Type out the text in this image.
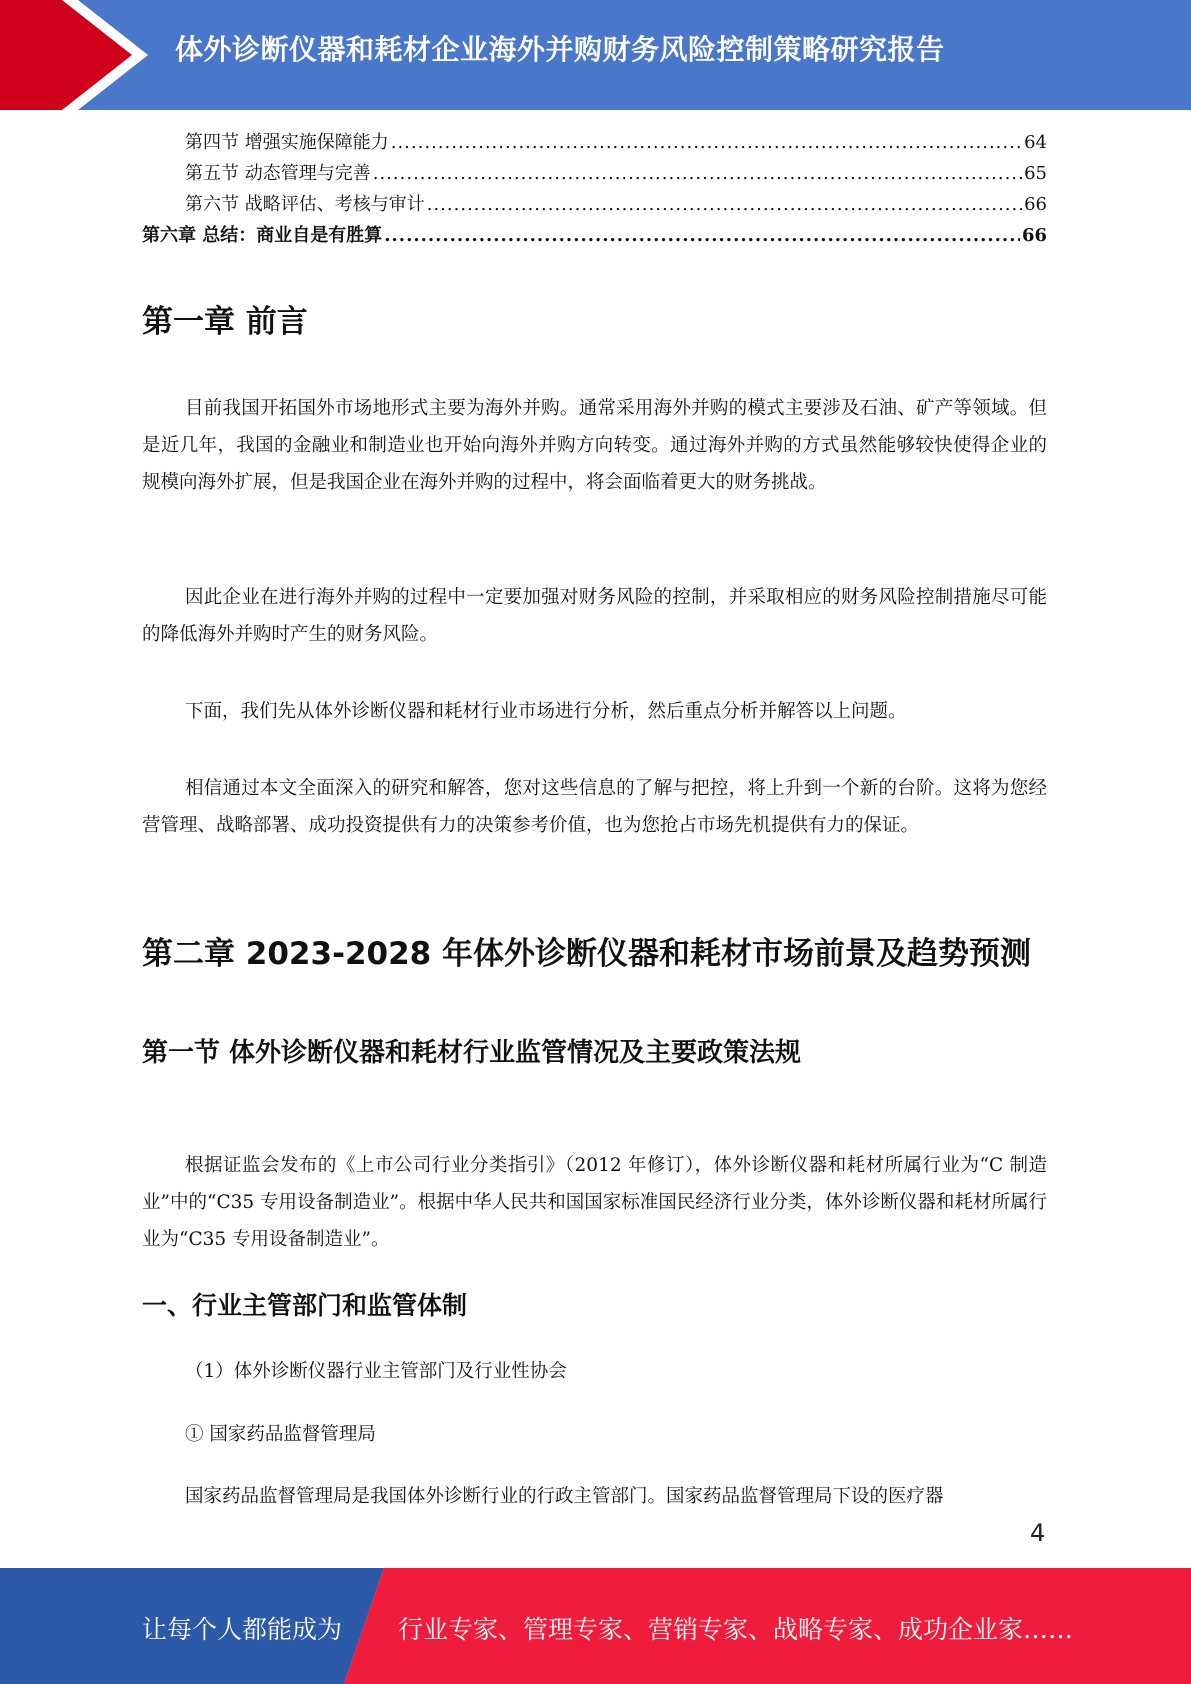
体外诊断仪器和耗材企业海外并购财务风险控制策略研究报告
第四节 增强实施保障能力 .....	64
第五节 动态管理与完善 .....	65
第六节 战略评估、考核与审计 .....	66
第六章 总结：商业自是有胜算 .....	66
第一章 前言

目前我国开拓国外市场地形式主要为海外并购。通常采用海外并购的模式主要涉及石油、矿产等领域。但是近几年，我国的金融业和制造业也开始向海外并购方向转变。通过海外并购的方式虽然能够较快使得企业的规模向海外扩展，但是我国企业在海外并购的过程中，将会面临着更大的财务挑战。

因此企业在进行海外并购的过程中一定要加强对财务风险的控制，并采取相应的财务风险控制措施尽可能的降低海外并购时产生的财务风险。

下面，我们先从体外诊断仪器和耗材行业市场进行分析，然后重点分析并解答以上问题。

相信通过本文全面深入的研究和解答，您对这些信息的了解与把控，将上升到一个新的台阶。这将为您经营管理、战略部署、成功投资提供有力的决策参考价值，也为您抢占市场先机提供有力的保证。

第二章 2023-2028 年体外诊断仪器和耗材市场前景及趋势预测
第一节 体外诊断仪器和耗材行业监管情况及主要政策法规

根据证监会发布的《上市公司行业分类指引》（2012 年修订），体外诊断仪器和耗材所属行业为“C 制造业”中的“C35 专用设备制造业”。根据中华人民共和国国家标准国民经济行业分类，体外诊断仪器和耗材所属行业为“C35 专用设备制造业”。

一、行业主管部门和监管体制

（1）体外诊断仪器行业主管部门及行业性协会

① 国家药品监督管理局

国家药品监督管理局是我国体外诊断行业的行政主管部门。国家药品监督管理局下设的医疗器

4
让每个人都能成为 行业专家、管理专家、营销专家、战略专家、成功企业家……
